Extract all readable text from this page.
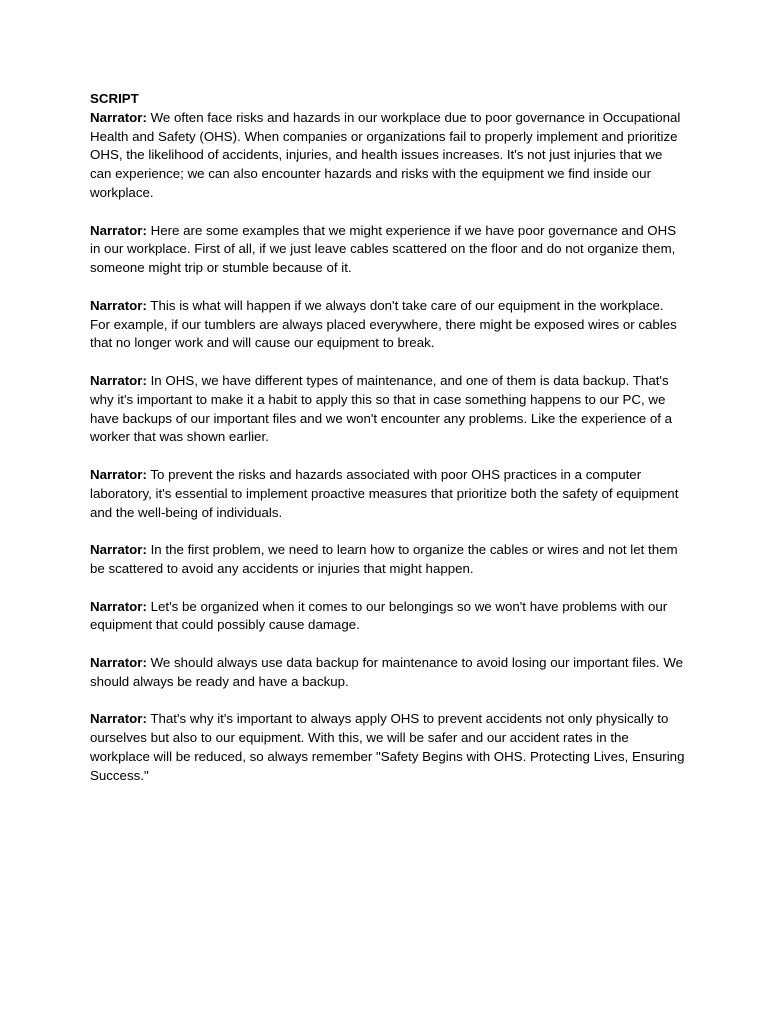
SCRIPT

Narrator: We often face risks and hazards in our workplace due to poor governance in Occupational Health and Safety (OHS). When companies or organizations fail to properly implement and prioritize OHS, the likelihood of accidents, injuries, and health issues increases. It's not just injuries that we can experience; we can also encounter hazards and risks with the equipment we find inside our workplace.

Narrator: Here are some examples that we might experience if we have poor governance and OHS in our workplace. First of all, if we just leave cables scattered on the floor and do not organize them, someone might trip or stumble because of it.

Narrator: This is what will happen if we always don't take care of our equipment in the workplace. For example, if our tumblers are always placed everywhere, there might be exposed wires or cables that no longer work and will cause our equipment to break.

Narrator: In OHS, we have different types of maintenance, and one of them is data backup. That's why it's important to make it a habit to apply this so that in case something happens to our PC, we have backups of our important files and we won't encounter any problems. Like the experience of a worker that was shown earlier.

Narrator: To prevent the risks and hazards associated with poor OHS practices in a computer laboratory, it's essential to implement proactive measures that prioritize both the safety of equipment and the well-being of individuals.

Narrator: In the first problem, we need to learn how to organize the cables or wires and not let them be scattered to avoid any accidents or injuries that might happen.

Narrator: Let's be organized when it comes to our belongings so we won't have problems with our equipment that could possibly cause damage.

Narrator: We should always use data backup for maintenance to avoid losing our important files. We should always be ready and have a backup.

Narrator: That's why it's important to always apply OHS to prevent accidents not only physically to ourselves but also to our equipment. With this, we will be safer and our accident rates in the workplace will be reduced, so always remember "Safety Begins with OHS. Protecting Lives, Ensuring Success."
